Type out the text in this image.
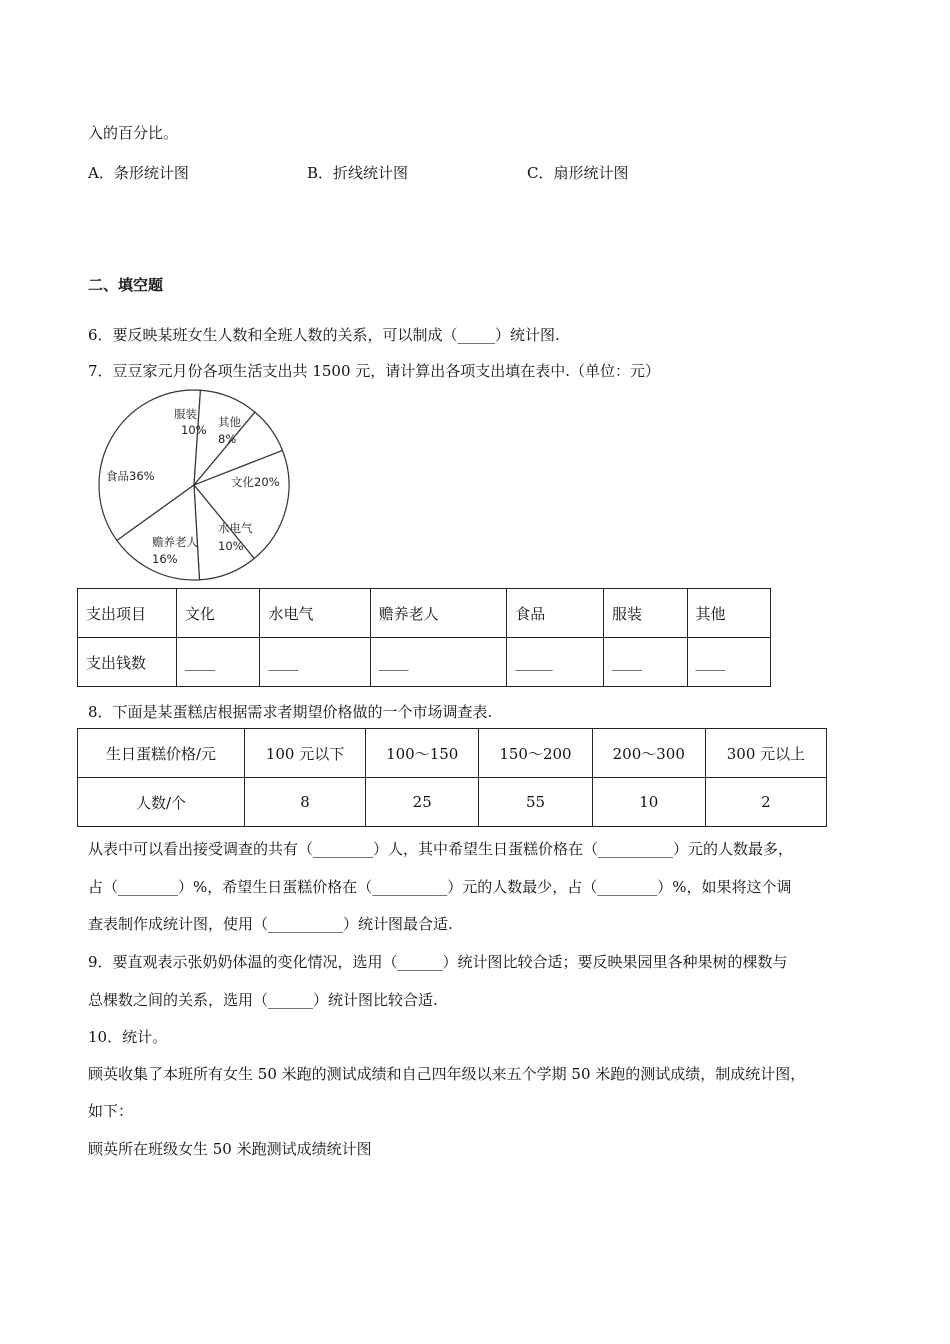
入的百分比。
A．条形统计图	B．折线统计图	C．扇形统计图
二、填空题
6．要反映某班女生人数和全班人数的关系，可以制成（_____）统计图.
7．豆豆家元月份各项生活支出共 1500 元，请计算出各项支出填在表中.（单位：元）
食品36%
服装
10%
其他
8%
文化20%
水电气
10%
赡养老人
16%
支出项目	文化	水电气	赡养老人	食品	服装	其他
支出钱数	____	____	____	_____	____	____
8．下面是某蛋糕店根据需求者期望价格做的一个市场调查表.
生日蛋糕价格/元	100 元以下	100～150	150～200	200～300	300 元以上
人数/个	8	25	55	10	2
从表中可以看出接受调查的共有（________）人，其中希望生日蛋糕价格在（__________）元的人数最多，
占（________）%，希望生日蛋糕价格在（__________）元的人数最少，占（________）%，如果将这个调
查表制作成统计图，使用（__________）统计图最合适.
9．要直观表示张奶奶体温的变化情况，选用（______）统计图比较合适；要反映果园里各种果树的棵数与
总棵数之间的关系，选用（______）统计图比较合适.
10．统计。
顾英收集了本班所有女生 50 米跑的测试成绩和自己四年级以来五个学期 50 米跑的测试成绩，制成统计图，
如下：
顾英所在班级女生 50 米跑测试成绩统计图
